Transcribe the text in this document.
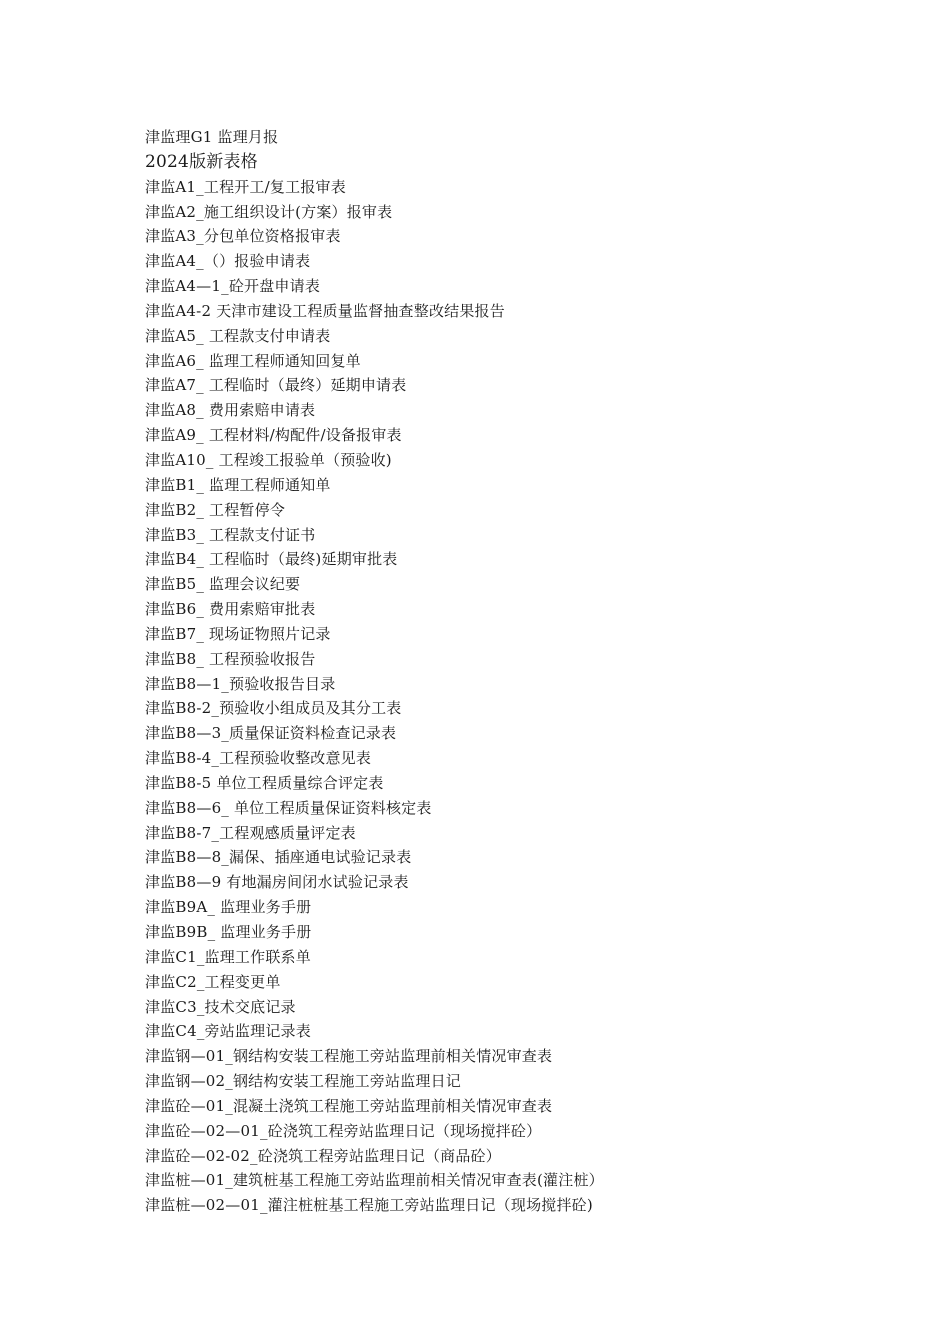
津监理G1 监理月报
2024版新表格
津监A1_工程开工/复工报审表
津监A2_施工组织设计(方案）报审表
津监A3_分包单位资格报审表
津监A4_（）报验申请表
津监A4—1_砼开盘申请表
津监A4-2 天津市建设工程质量监督抽查整改结果报告
津监A5_ 工程款支付申请表
津监A6_ 监理工程师通知回复单
津监A7_ 工程临时（最终）延期申请表
津监A8_ 费用索赔申请表
津监A9_ 工程材料/构配件/设备报审表
津监A10_ 工程竣工报验单（预验收)
津监B1_ 监理工程师通知单
津监B2_ 工程暂停令
津监B3_ 工程款支付证书
津监B4_ 工程临时（最终)延期审批表
津监B5_ 监理会议纪要
津监B6_ 费用索赔审批表
津监B7_ 现场证物照片记录
津监B8_ 工程预验收报告
津监B8—1_预验收报告目录
津监B8-2_预验收小组成员及其分工表
津监B8—3_质量保证资料检查记录表
津监B8-4_工程预验收整改意见表
津监B8-5 单位工程质量综合评定表
津监B8—6_ 单位工程质量保证资料核定表
津监B8-7_工程观感质量评定表
津监B8—8_漏保、插座通电试验记录表
津监B8—9 有地漏房间闭水试验记录表
津监B9A_ 监理业务手册
津监B9B_ 监理业务手册
津监C1_监理工作联系单
津监C2_工程变更单
津监C3_技术交底记录
津监C4_旁站监理记录表
津监钢—01_钢结构安装工程施工旁站监理前相关情况审查表
津监钢—02_钢结构安装工程施工旁站监理日记
津监砼—01_混凝土浇筑工程施工旁站监理前相关情况审查表
津监砼—02—01_砼浇筑工程旁站监理日记（现场搅拌砼）
津监砼—02-02_砼浇筑工程旁站监理日记（商品砼）
津监桩—01_建筑桩基工程施工旁站监理前相关情况审查表(灌注桩）
津监桩—02—01_灌注桩桩基工程施工旁站监理日记（现场搅拌砼)
